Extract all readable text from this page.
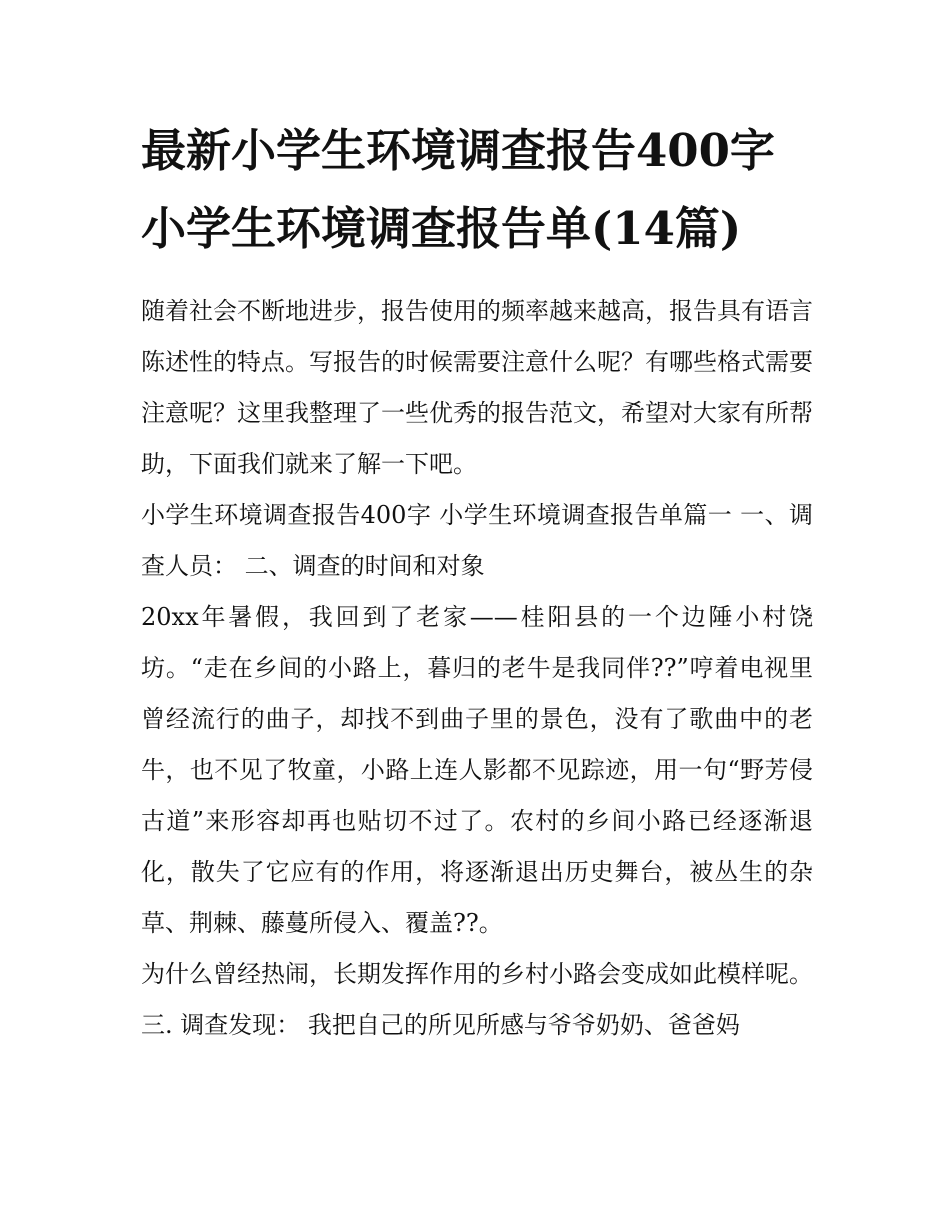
最新小学生环境调查报告400字 小学生环境调查报告单(14篇)

随着社会不断地进步，报告使用的频率越来越高，报告具有语言陈述性的特点。写报告的时候需要注意什么呢？有哪些格式需要注意呢？这里我整理了一些优秀的报告范文，希望对大家有所帮助，下面我们就来了解一下吧。

小学生环境调查报告400字 小学生环境调查报告单篇一 一、调查人员： 二、调查的时间和对象

20xx年暑假，我回到了老家——桂阳县的一个边陲小村饶坊。“走在乡间的小路上，暮归的老牛是我同伴??”哼着电视里曾经流行的曲子，却找不到曲子里的景色，没有了歌曲中的老牛，也不见了牧童，小路上连人影都不见踪迹，用一句“野芳侵古道”来形容却再也贴切不过了。农村的乡间小路已经逐渐退化，散失了它应有的作用，将逐渐退出历史舞台，被丛生的杂草、荆棘、藤蔓所侵入、覆盖??。

为什么曾经热闹，长期发挥作用的乡村小路会变成如此模样呢。 三. 调查发现： 我把自己的所见所感与爷爷奶奶、爸爸妈
